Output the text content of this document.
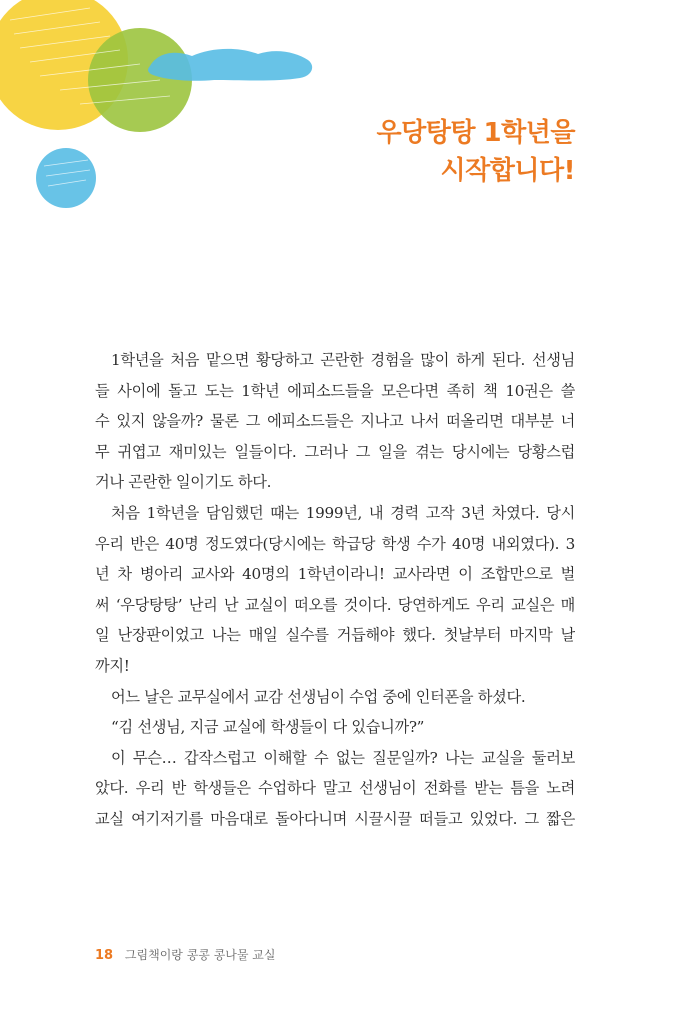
우당탕탕 1학년을
시작합니다!
1학년을 처음 맡으면 황당하고 곤란한 경험을 많이 하게 된다. 선생님
들 사이에 돌고 도는 1학년 에피소드들을 모은다면 족히 책 10권은 쓸
수 있지 않을까? 물론 그 에피소드들은 지나고 나서 떠올리면 대부분 너
무 귀엽고 재미있는 일들이다. 그러나 그 일을 겪는 당시에는 당황스럽
거나 곤란한 일이기도 하다.
처음 1학년을 담임했던 때는 1999년, 내 경력 고작 3년 차였다. 당시
우리 반은 40명 정도였다(당시에는 학급당 학생 수가 40명 내외였다). 3
년 차 병아리 교사와 40명의 1학년이라니! 교사라면 이 조합만으로 벌
써 ‘우당탕탕’ 난리 난 교실이 떠오를 것이다. 당연하게도 우리 교실은 매
일 난장판이었고 나는 매일 실수를 거듭해야 했다. 첫날부터 마지막 날
까지!
어느 날은 교무실에서 교감 선생님이 수업 중에 인터폰을 하셨다.
“김 선생님, 지금 교실에 학생들이 다 있습니까?”
이 무슨… 갑작스럽고 이해할 수 없는 질문일까? 나는 교실을 둘러보
았다. 우리 반 학생들은 수업하다 말고 선생님이 전화를 받는 틈을 노려
교실 여기저기를 마음대로 돌아다니며 시끌시끌 떠들고 있었다. 그 짧은
18 그림책이랑 콩콩 콩나물 교실
